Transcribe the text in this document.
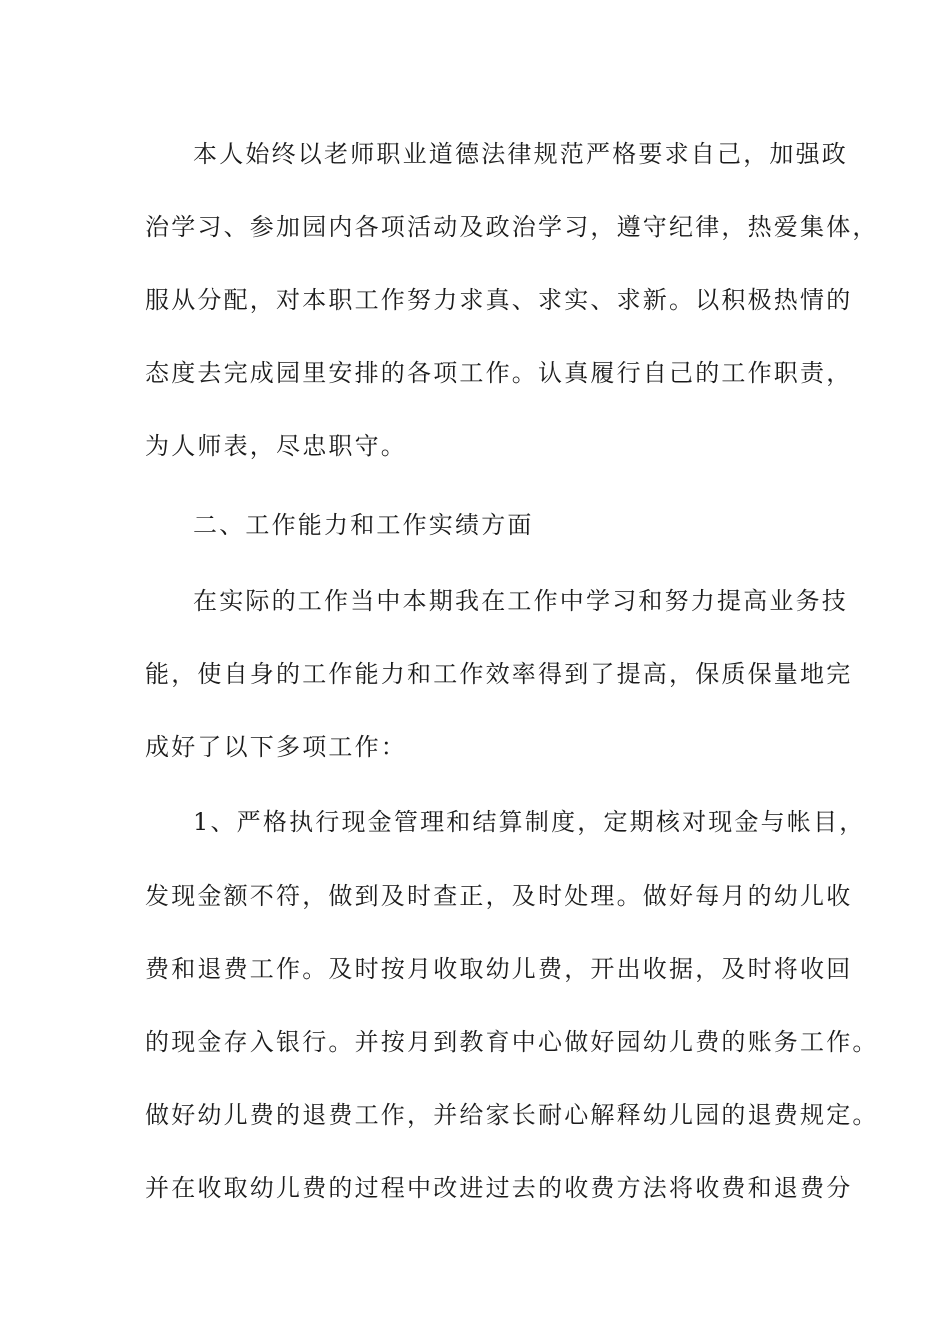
本人始终以老师职业道德法律规范严格要求自己，加强政

治学习、参加园内各项活动及政治学习，遵守纪律，热爱集体，

服从分配，对本职工作努力求真、求实、求新。以积极热情的

态度去完成园里安排的各项工作。认真履行自己的工作职责，

为人师表，尽忠职守。

二、工作能力和工作实绩方面

在实际的工作当中本期我在工作中学习和努力提高业务技

能，使自身的工作能力和工作效率得到了提高，保质保量地完

成好了以下多项工作：

1、严格执行现金管理和结算制度，定期核对现金与帐目，

发现金额不符，做到及时查正，及时处理。做好每月的幼儿收

费和退费工作。及时按月收取幼儿费，开出收据，及时将收回

的现金存入银行。并按月到教育中心做好园幼儿费的账务工作。

做好幼儿费的退费工作，并给家长耐心解释幼儿园的退费规定。

并在收取幼儿费的过程中改进过去的收费方法将收费和退费分
